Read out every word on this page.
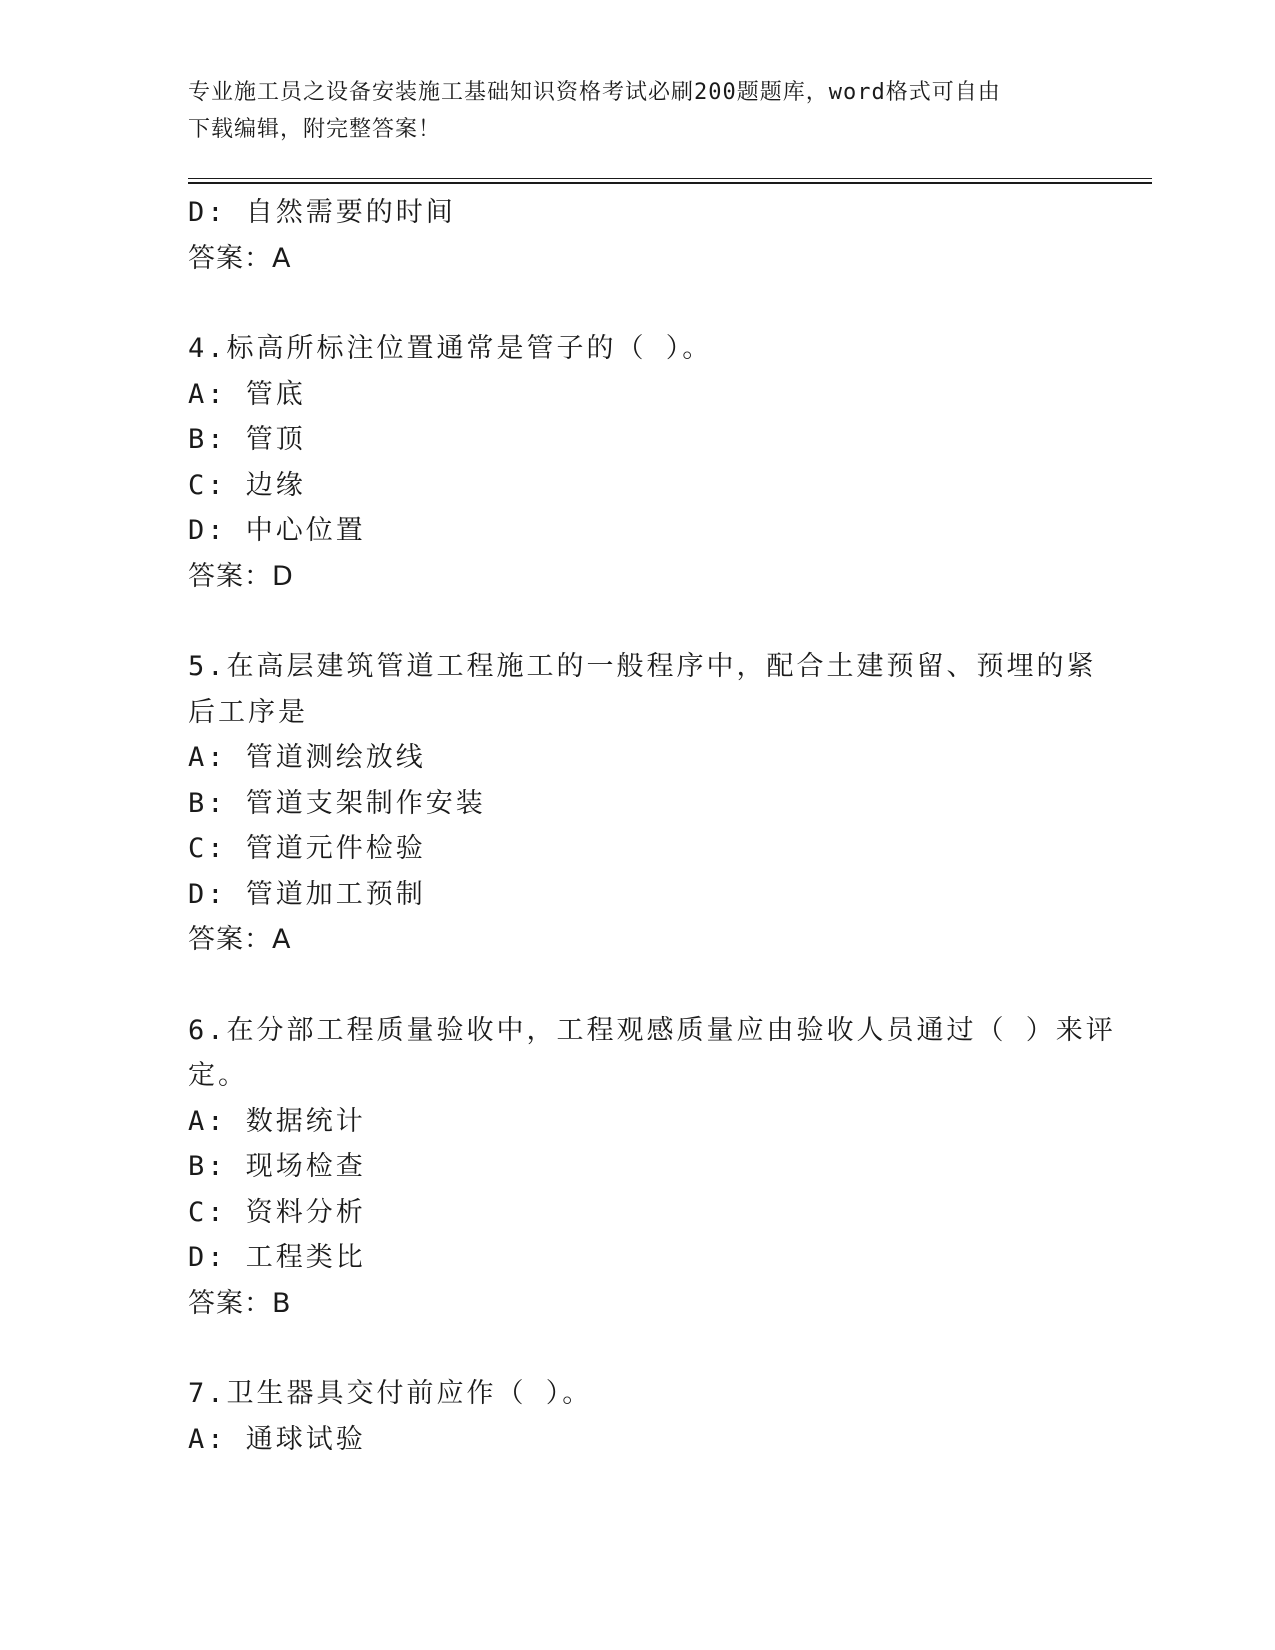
专业施工员之设备安装施工基础知识资格考试必刷200题题库，word格式可自由
下载编辑，附完整答案！
D: 自然需要的时间
答案：A
4.标高所标注位置通常是管子的（ ）。
A: 管底
B: 管顶
C: 边缘
D: 中心位置
答案：D
5.在高层建筑管道工程施工的一般程序中，配合土建预留、预埋的紧
后工序是
A: 管道测绘放线
B: 管道支架制作安装
C: 管道元件检验
D: 管道加工预制
答案：A
6.在分部工程质量验收中，工程观感质量应由验收人员通过（ ）来评
定。
A: 数据统计
B: 现场检查
C: 资料分析
D: 工程类比
答案：B
7.卫生器具交付前应作（ ）。
A: 通球试验
